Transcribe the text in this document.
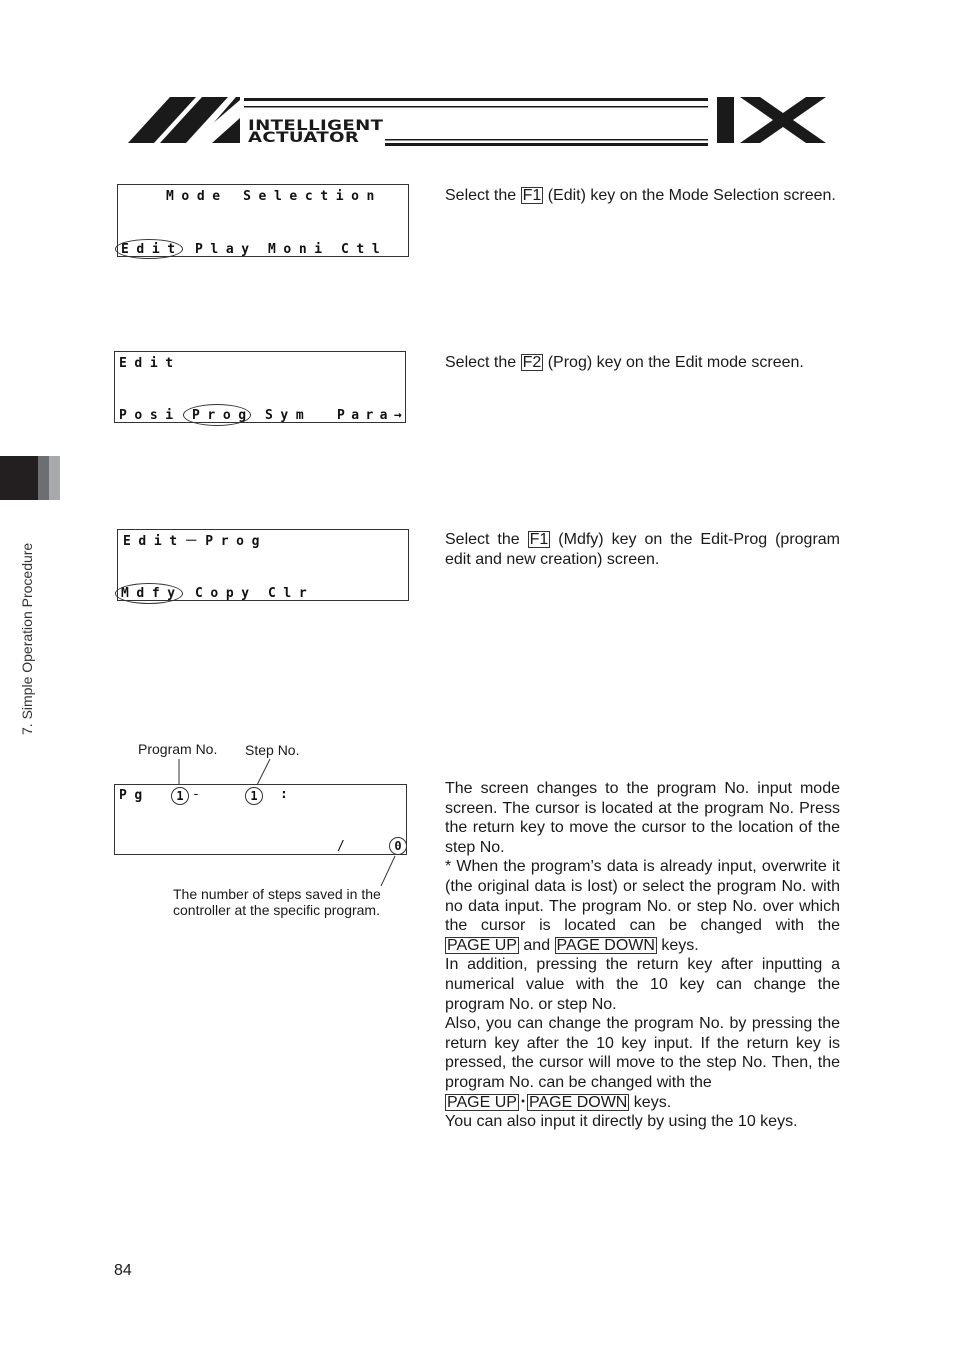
INTELLIGENT
ACTUATOR
7. Simple Operation Procedure
Mode Selection
Edit Play Moni Ctl

Select the F1 (Edit) key on the Mode Selection screen.

Edit
Posi Prog Sym Para→

Select the F2 (Prog) key on the Edit mode screen.

Edit－Prog
Mdfy Copy Clr

Select the F1 (Mdfy) key on the Edit-Prog (program edit and new creation) screen.

Program No. Step No.
Pg	1 -	1	:
/	0
The number of steps saved in the
controller at the specific program.

The screen changes to the program No. input mode screen. The cursor is located at the program No. Press the return key to move the cursor to the location of the step No.

* When the program’s data is already input, overwrite it (the original data is lost) or select the program No. with no data input. The program No. or step No. over which the cursor is located can be changed with the PAGE UP and PAGE DOWN keys.

In addition, pressing the return key after inputting a numerical value with the 10 key can change the program No. or step No.

Also, you can change the program No. by pressing the return key after the 10 key input. If the return key is pressed, the cursor will move to the step No. Then, the program No. can be changed with the
PAGE UP ･ PAGE DOWN keys.

You can also input it directly by using the 10 keys.

84
